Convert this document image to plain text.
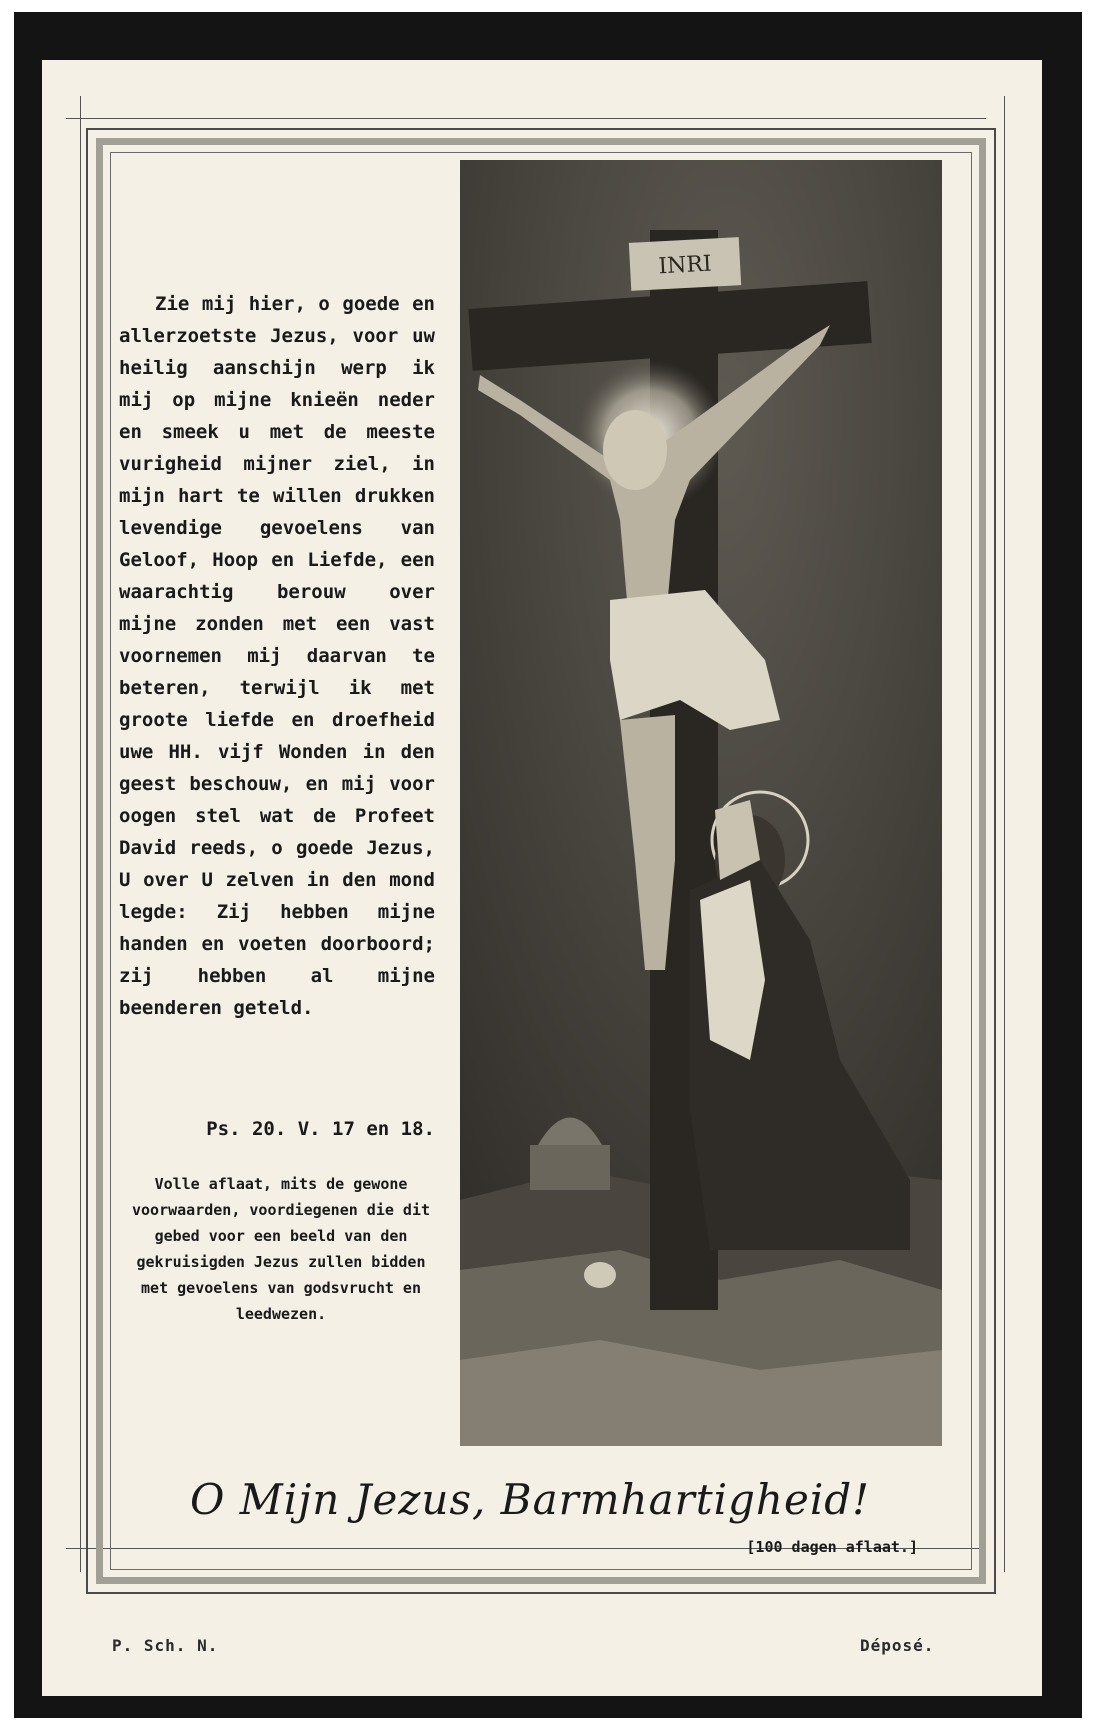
Zie mij hier, o goede en allerzoetste Jezus, voor uw heilig aanschijn werp ik mij op mijne knieën neder en smeek u met de meeste vurigheid mijner ziel, in mijn hart te willen drukken levendige gevoelens van Geloof, Hoop en Liefde, een waarachtig berouw over mijne zonden met een vast voornemen mij daarvan te beteren, terwijl ik met groote liefde en droefheid uwe HH. vijf Wonden in den geest beschouw, en mij voor oogen stel wat de Profeet David reeds, o goede Jezus, U over U zelven in den mond legde: Zij hebben mijne handen en voeten doorboord; zij hebben al mijne beenderen geteld.

Ps. 20. V. 17 en 18.

Volle aflaat, mits de gewone voorwaarden, voordiegenen die dit gebed voor een beeld van den gekruisigden Jezus zullen bidden met gevoelens van godsvrucht en leedwezen.

INRI

O Mijn Jezus, Barmhartigheid!

[100 dagen aflaat.]

P. Sch. N.	Déposé.
